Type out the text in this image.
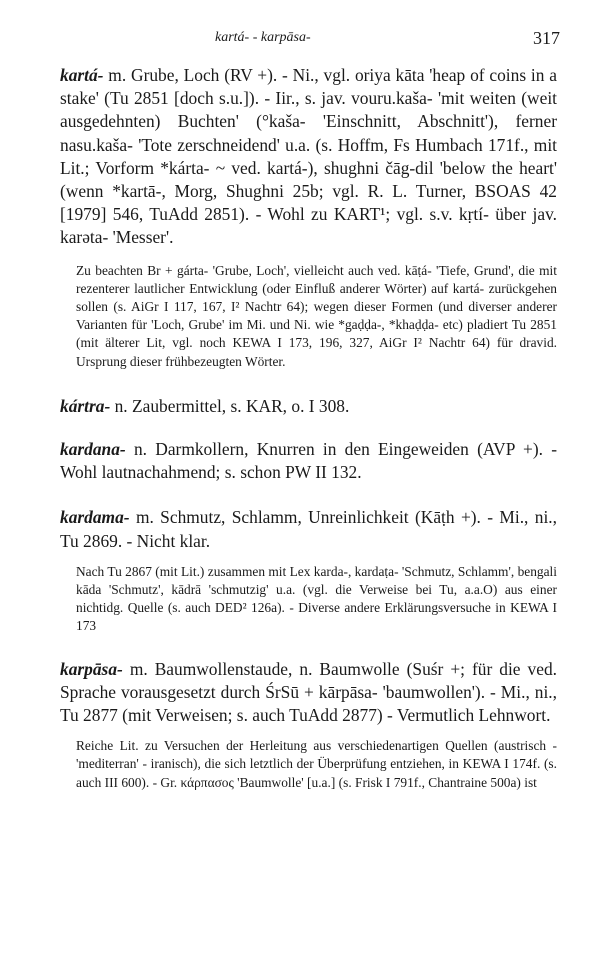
kartá- - karpāsa-	317

kartá- m. Grube, Loch (RV +). - Ni., vgl. oriya kāta 'heap of coins in a stake' (Tu 2851 [doch s.u.]). - Iir., s. jav. vouru.kaša- 'mit weiten (weit ausgedehnten) Buchten' (°kaša- 'Einschnitt, Abschnitt'), ferner nasu.kaša- 'Tote zerschneidend' u.a. (s. Hoffm, Fs Humbach 171f., mit Lit.; Vorform *kárta- ~ ved. kartá-), shughni čāg-dil 'below the heart' (wenn *kartā-, Morg, Shughni 25b; vgl. R. L. Turner, BSOAS 42 [1979] 546, TuAdd 2851). - Wohl zu KART¹; vgl. s.v. kṛtí- über jav. karəta- 'Messer'.

Zu beachten Br + gárta- 'Grube, Loch', vielleicht auch ved. kāṭá- 'Tiefe, Grund', die mit rezenterer lautlicher Entwicklung (oder Einfluß anderer Wörter) auf kartá- zurückgehen sollen (s. AiGr I 117, 167, I² Nachtr 64); wegen dieser Formen (und diverser anderer Varianten für 'Loch, Grube' im Mi. und Ni. wie *gaḍḍa-, *khaḍḍa- etc) pladiert Tu 2851 (mit älterer Lit, vgl. noch KEWA I 173, 196, 327, AiGr I² Nachtr 64) für dravid. Ursprung dieser frühbezeugten Wörter.

kártra- n. Zaubermittel, s. KAR, o. I 308.

kardana- n. Darmkollern, Knurren in den Eingeweiden (AVP +). - Wohl lautnachahmend; s. schon PW II 132.

kardama- m. Schmutz, Schlamm, Unreinlichkeit (Kāṭh +). - Mi., ni., Tu 2869. - Nicht klar.

Nach Tu 2867 (mit Lit.) zusammen mit Lex karda-, kardaṭa- 'Schmutz, Schlamm', bengali kāda 'Schmutz', kādrā 'schmutzig' u.a. (vgl. die Verweise bei Tu, a.a.O) aus einer nichtidg. Quelle (s. auch DED² 126a). - Diverse andere Erklärungsversuche in KEWA I 173

karpāsa- m. Baumwollenstaude, n. Baumwolle (Suśr +; für die ved. Sprache vorausgesetzt durch ŚrSū + kārpāsa- 'baumwollen'). - Mi., ni., Tu 2877 (mit Verweisen; s. auch TuAdd 2877) - Vermutlich Lehnwort.

Reiche Lit. zu Versuchen der Herleitung aus verschiedenartigen Quellen (austrisch - 'mediterran' - iranisch), die sich letztlich der Überprüfung entziehen, in KEWA I 174f. (s. auch III 600). - Gr. κάρπασος 'Baumwolle' [u.a.] (s. Frisk I 791f., Chantraine 500a) ist
